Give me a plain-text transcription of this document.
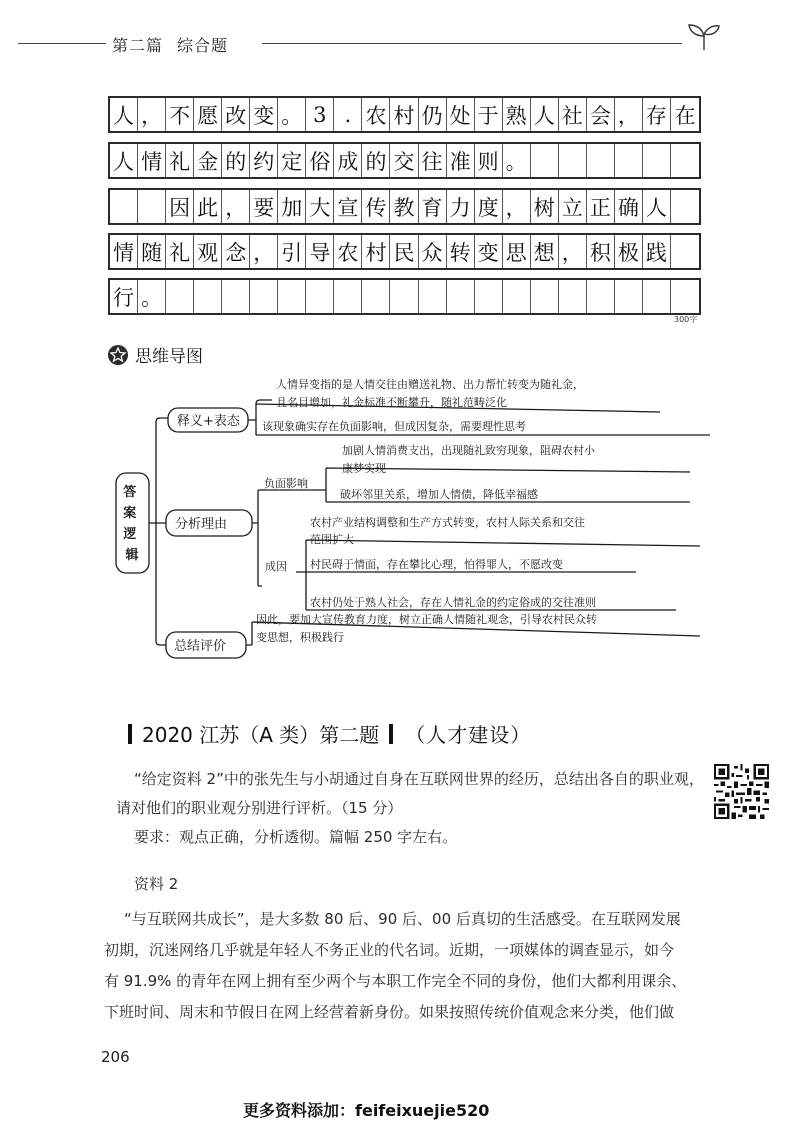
第二篇 综合题
人 ， 不 愿 改 变 。 3 . 农 村 仍 处 于 熟 人 社 会 ， 存 在
人 情 礼 金 的 约 定 俗 成 的 交 往 准 则 。
因 此 ， 要 加 大 宣 传 教 育 力 度 ， 树 立 正 确 人
情 随 礼 观 念 ， 引 导 农 村 民 众 转 变 思 想 ， 积 极 践
行 。
300字
思维导图
答 案 逻 辑
释义+表态
分析理由
总结评价
负面影响
成因
人情异变指的是人情交往由赠送礼物、出力帮忙转变为随礼金，
且名目增加，礼金标准不断攀升，随礼范畴泛化
该现象确实存在负面影响，但成因复杂，需要理性思考
加剧人情消费支出，出现随礼致穷现象，阻碍农村小
康梦实现
破坏邻里关系，增加人情债，降低幸福感
农村产业结构调整和生产方式转变，农村人际关系和交往
范围扩大
村民碍于情面，存在攀比心理，怕得罪人，不愿改变
农村仍处于熟人社会，存在人情礼金的约定俗成的交往准则
因此，要加大宣传教育力度，树立正确人情随礼观念，引导农村民众转
变思想，积极践行
2020 江苏（A 类）第二题 （人才建设）
“给定资料 2”中的张先生与小胡通过自身在互联网世界的经历，总结出各自的职业观，
请对他们的职业观分别进行评析。（15 分）
要求：观点正确，分析透彻。篇幅 250 字左右。
资料 2
“与互联网共成长”，是大多数 80 后、90 后、00 后真切的生活感受。在互联网发展
初期，沉迷网络几乎就是年轻人不务正业的代名词。近期，一项媒体的调查显示，如今
有 91.9% 的青年在网上拥有至少两个与本职工作完全不同的身份，他们大都利用课余、
下班时间、周末和节假日在网上经营着新身份。如果按照传统价值观念来分类，他们做
206
更多资料添加：feifeixuejie520
